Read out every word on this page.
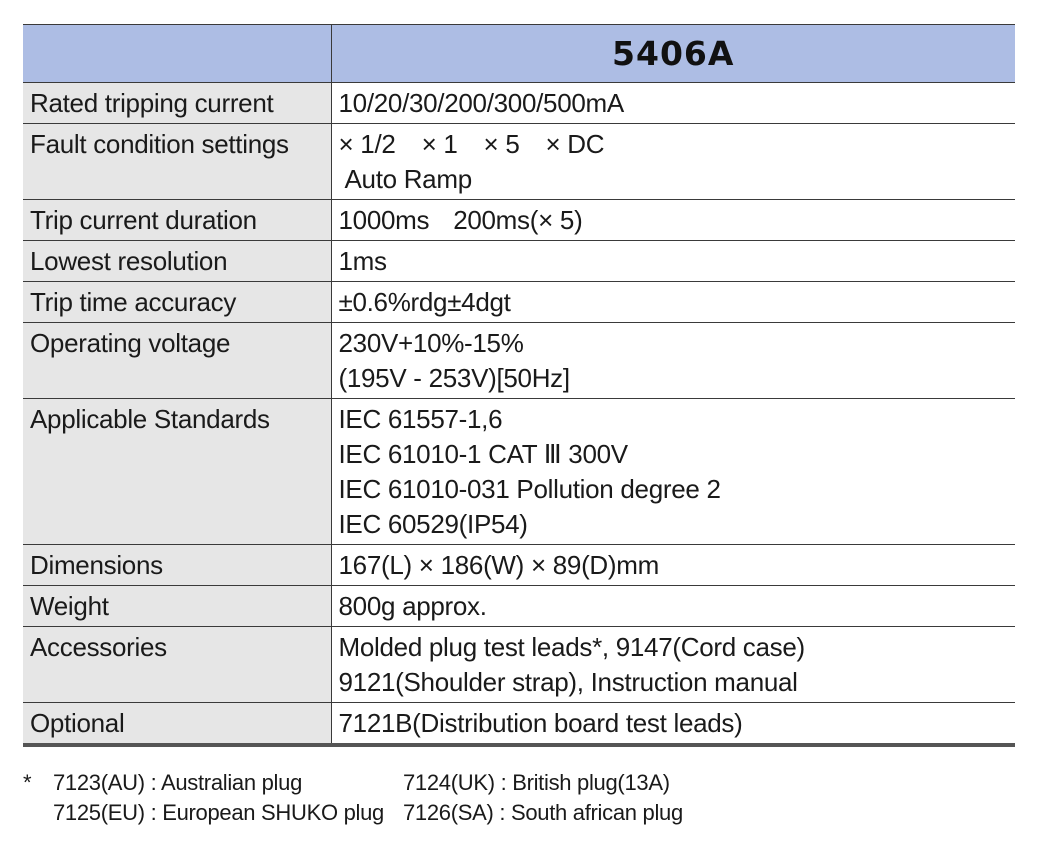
	5406A
Rated tripping current	10/20/30/200/300/500mA

Fault condition settings	× 1/2 × 1 × 5 × DC
Auto Ramp

Trip current duration	1000ms 200ms(× 5)

Lowest resolution	1ms

Trip time accuracy	±0.6%rdg±4dgt

Operating voltage	230V+10%-15%
(195V - 253V)[50Hz]

Applicable Standards	IEC 61557-1,6
IEC 61010-1 CAT Ⅲ 300V
IEC 61010-031 Pollution degree 2
IEC 60529(IP54)

Dimensions	167(L) × 186(W) × 89(D)mm

Weight	800g approx.

Accessories	Molded plug test leads*, 9147(Cord case)
9121(Shoulder strap), Instruction manual

Optional	7121B(Distribution board test leads)
* 7123(AU) : Australian plug
7125(EU) : European SHUKO plug
7124(UK) : British plug(13A)
7126(SA) : South african plug
